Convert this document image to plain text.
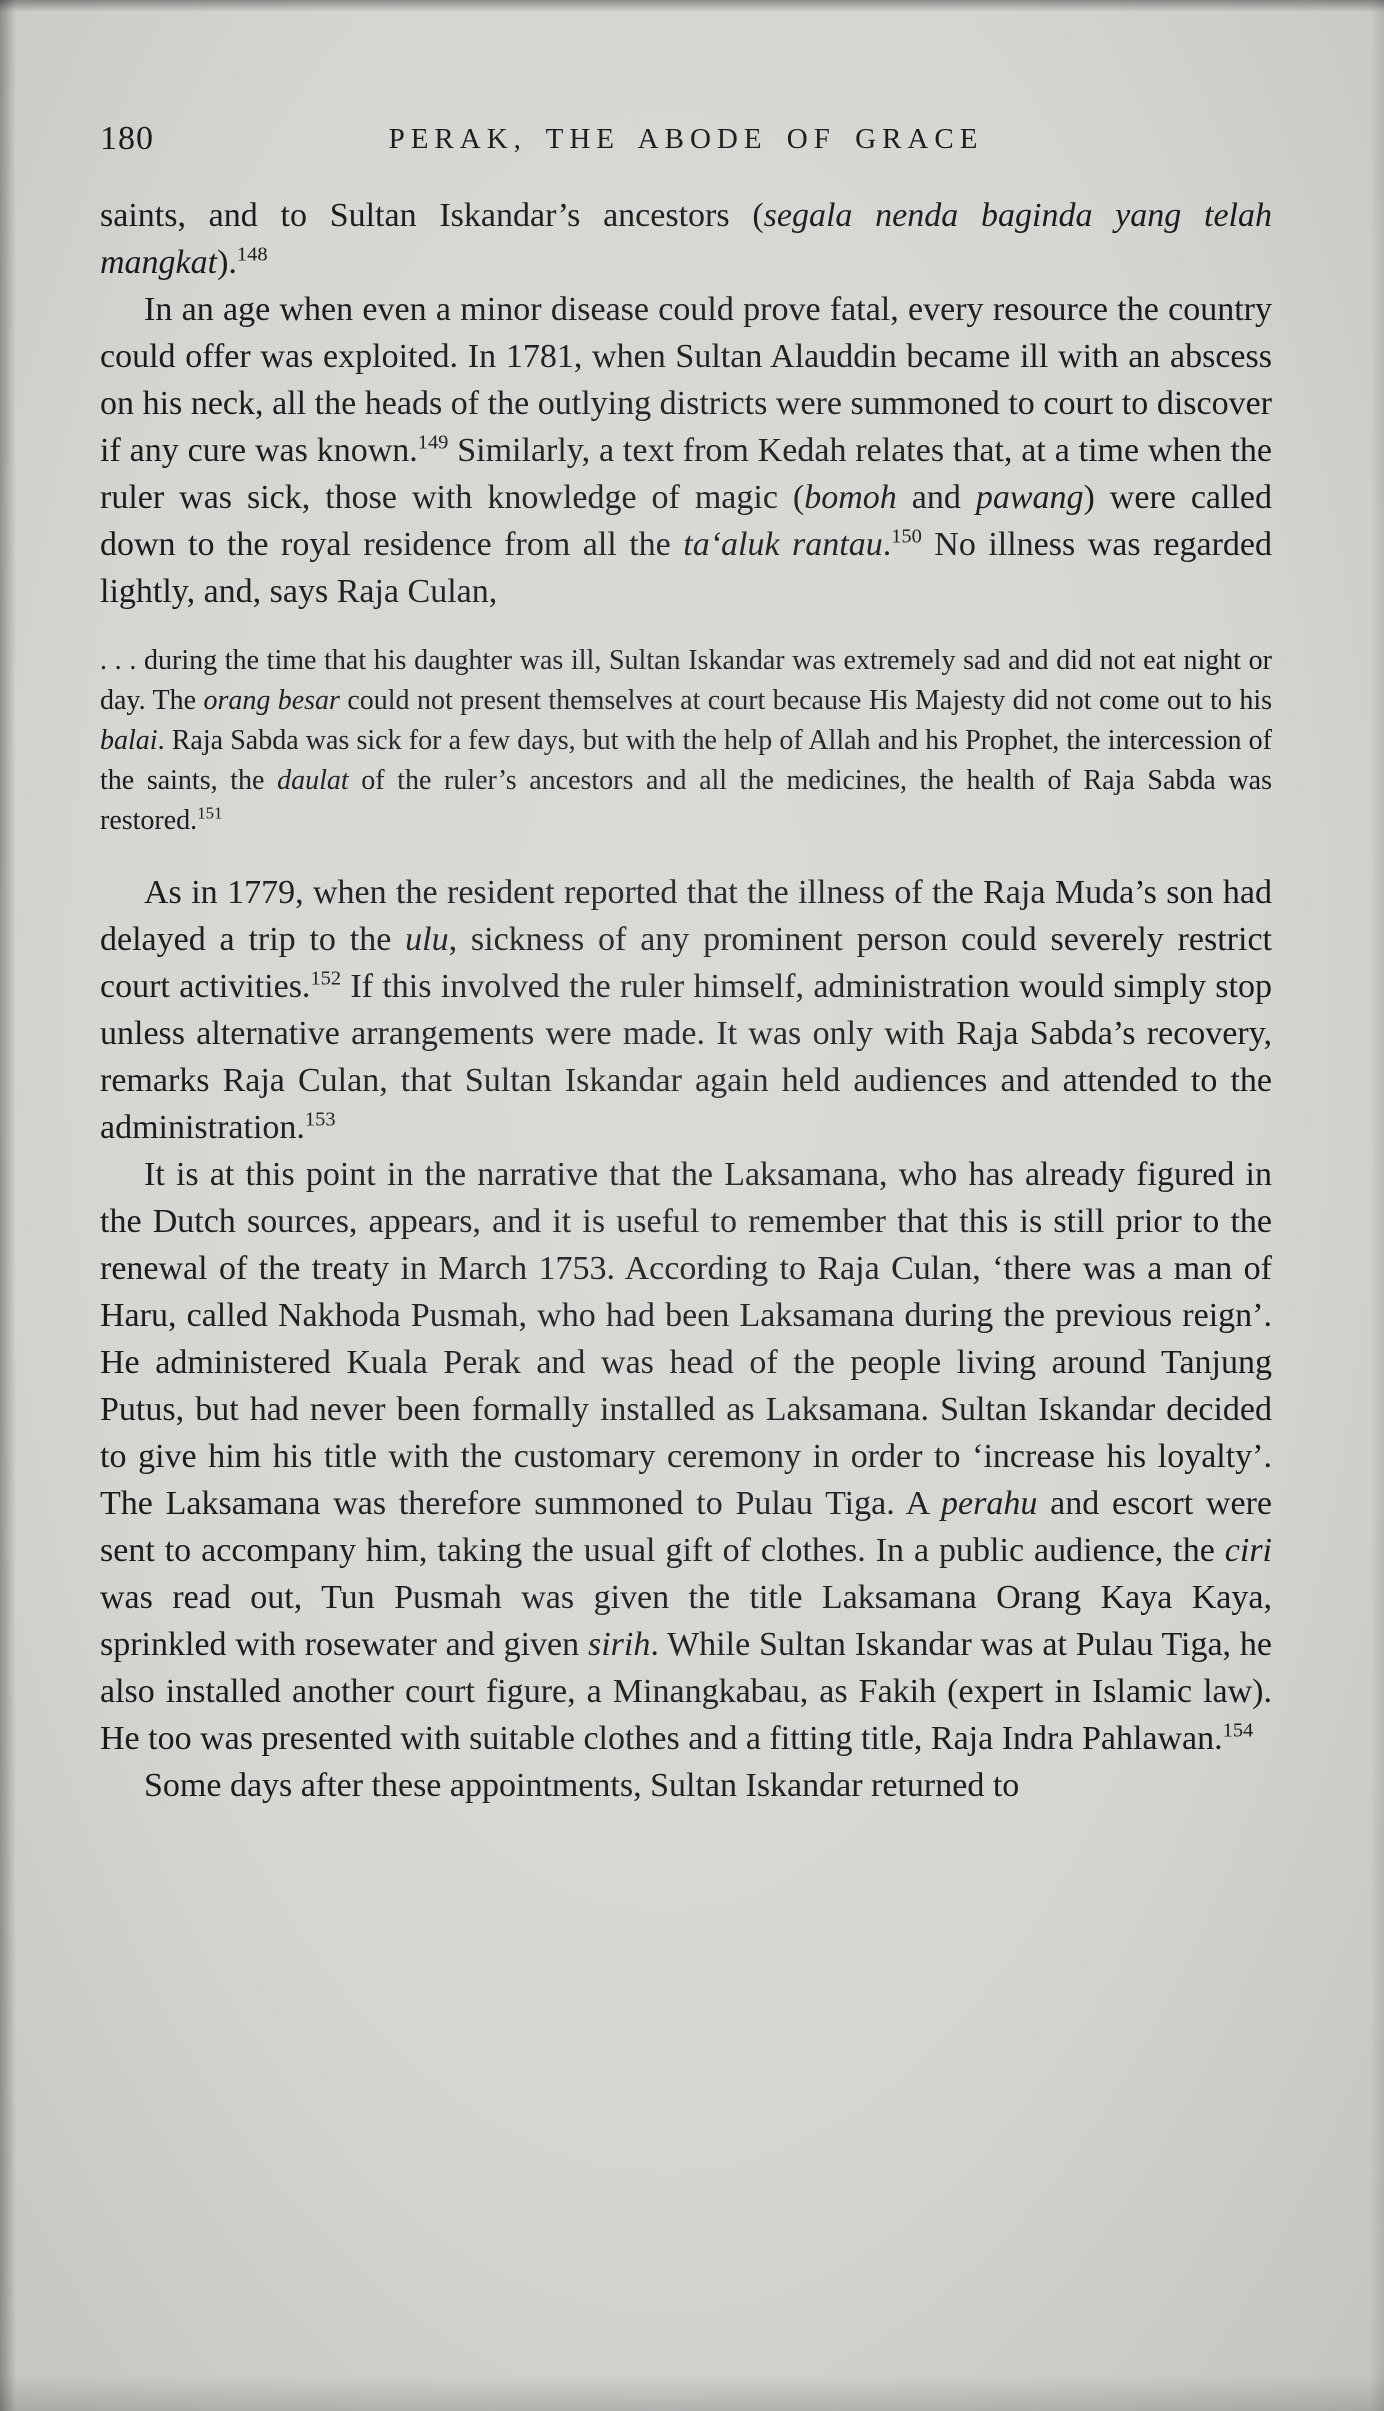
180	PERAK, THE ABODE OF GRACE

saints, and to Sultan Iskandar’s ancestors (segala nenda baginda yang telah mangkat).$^{148}$

In an age when even a minor disease could prove fatal, every resource the country could offer was exploited. In 1781, when Sultan Alauddin became ill with an abscess on his neck, all the heads of the outlying districts were summoned to court to discover if any cure was known.$^{149}$ Similarly, a text from Kedah relates that, at a time when the ruler was sick, those with knowledge of magic (bomoh and pawang) were called down to the royal residence from all the ta‘aluk rantau.$^{150}$ No illness was regarded lightly, and, says Raja Culan,

. . . during the time that his daughter was ill, Sultan Iskandar was extremely sad and did not eat night or day. The orang besar could not present themselves at court because His Majesty did not come out to his balai. Raja Sabda was sick for a few days, but with the help of Allah and his Prophet, the intercession of the saints, the daulat of the ruler’s ancestors and all the medicines, the health of Raja Sabda was restored.$^{151}$

As in 1779, when the resident reported that the illness of the Raja Muda’s son had delayed a trip to the ulu, sickness of any prominent person could severely restrict court activities.$^{152}$ If this involved the ruler himself, administration would simply stop unless alternative arrangements were made. It was only with Raja Sabda’s recovery, remarks Raja Culan, that Sultan Iskandar again held audiences and attended to the administration.$^{153}$

It is at this point in the narrative that the Laksamana, who has already figured in the Dutch sources, appears, and it is useful to remember that this is still prior to the renewal of the treaty in March 1753. According to Raja Culan, ‘there was a man of Haru, called Nakhoda Pusmah, who had been Laksamana during the previous reign’. He administered Kuala Perak and was head of the people living around Tanjung Putus, but had never been formally installed as Laksamana. Sultan Iskandar decided to give him his title with the customary ceremony in order to ‘increase his loyalty’. The Laksamana was therefore summoned to Pulau Tiga. A perahu and escort were sent to accompany him, taking the usual gift of clothes. In a public audience, the ciri was read out, Tun Pusmah was given the title Laksamana Orang Kaya Kaya, sprinkled with rosewater and given sirih. While Sultan Iskandar was at Pulau Tiga, he also installed another court figure, a Minangkabau, as Fakih (expert in Islamic law). He too was presented with suitable clothes and a fitting title, Raja Indra Pahlawan.$^{154}$

Some days after these appointments, Sultan Iskandar returned to
